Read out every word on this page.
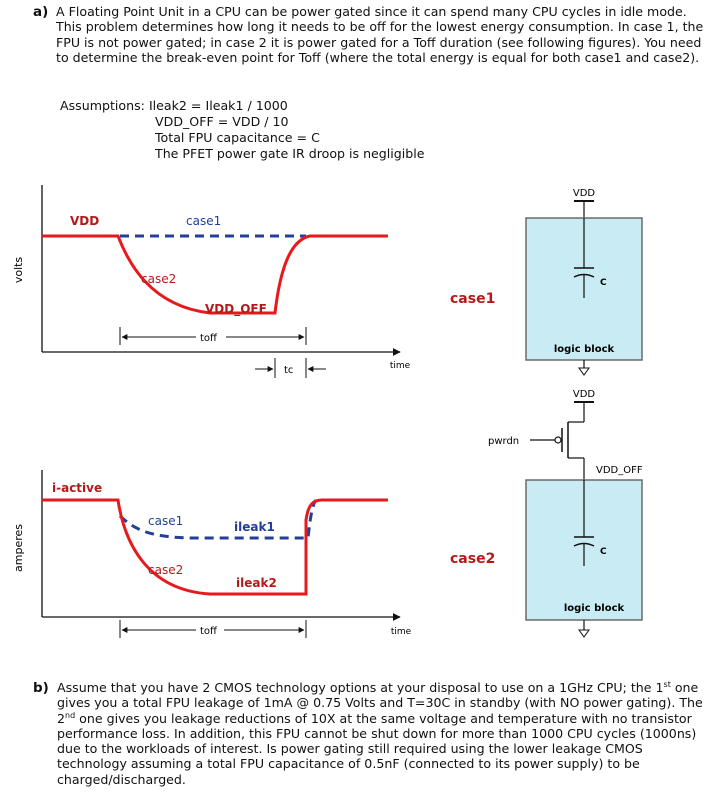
a) A Floating Point Unit in a CPU can be power gated since it can spend many CPU cycles in idle mode. This problem determines how long it needs to be off for the lowest energy consumption. In case 1, the FPU is not power gated; in case 2 it is power gated for a Toff duration (see following figures). You need to determine the break-even point for Toff (where the total energy is equal for both case1 and case2).
Assumptions: Ileak2 = Ileak1 / 1000
VDD_OFF = VDD / 10
Total FPU capacitance = C
The PFET power gate IR droop is negligible
volts
time
VDD	case1
case2
VDD_OFF
toff
tc
amperes
time
i-active
case1
case2
ileak1
ileak2
toff
VDD
C
logic block
case1
VDD
pwrdn
VDD_OFF
C
logic block
case2
b) Assume that you have 2 CMOS technology options at your disposal to use on a 1GHz CPU; the 1st one gives you a total FPU leakage of 1mA @ 0.75 Volts and T=30C in standby (with NO power gating). The 2nd one gives you leakage reductions of 10X at the same voltage and temperature with no transistor performance loss. In addition, this FPU cannot be shut down for more than 1000 CPU cycles (1000ns) due to the workloads of interest. Is power gating still required using the lower leakage CMOS technology assuming a total FPU capacitance of 0.5nF (connected to its power supply) to be charged/discharged.
